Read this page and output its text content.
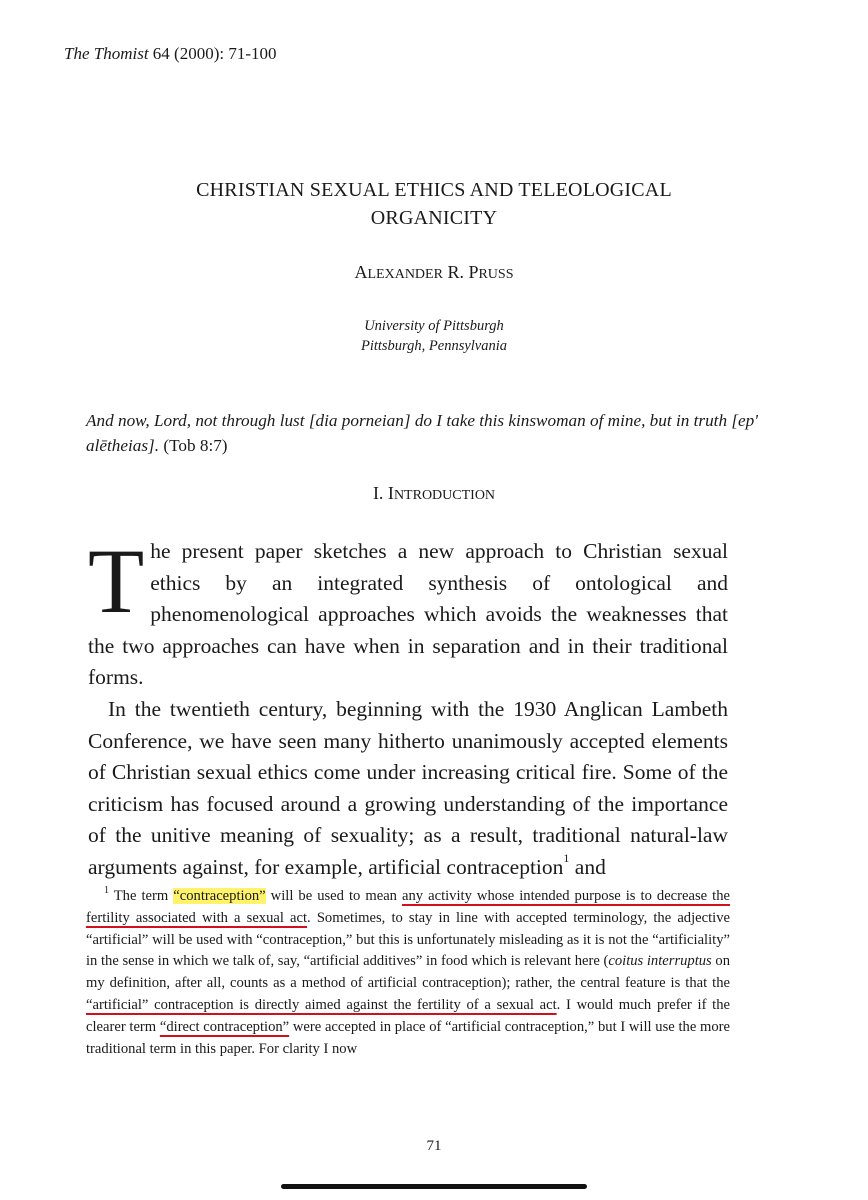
The Thomist 64 (2000): 71-100
CHRISTIAN SEXUAL ETHICS AND TELEOLOGICAL
ORGANICITY
ALEXANDER R. PRUSS
University of Pittsburgh
Pittsburgh, Pennsylvania
And now, Lord, not through lust [dia porneian] do I take this kinswoman of mine, but in truth [ep' alētheias]. (Tob 8:7)
I. INTRODUCTION

The present paper sketches a new approach to Christian sexual ethics by an integrated synthesis of ontological and phenomenological approaches which avoids the weaknesses that the two approaches can have when in separation and in their traditional forms.

In the twentieth century, beginning with the 1930 Anglican Lambeth Conference, we have seen many hitherto unanimously accepted elements of Christian sexual ethics come under increasing critical fire. Some of the criticism has focused around a growing understanding of the importance of the unitive meaning of sexuality; as a result, traditional natural-law arguments against, for example, artificial contraception$^1$ and

$^1$ The term “contraception” will be used to mean any activity whose intended purpose is to decrease the fertility associated with a sexual act. Sometimes, to stay in line with accepted terminology, the adjective “artificial” will be used with “contraception,” but this is unfortunately misleading as it is not the “artificiality” in the sense in which we talk of, say, “artificial additives” in food which is relevant here (coitus interruptus on my definition, after all, counts as a method of artificial contraception); rather, the central feature is that the “artificial” contraception is directly aimed against the fertility of a sexual act. I would much prefer if the clearer term “direct contraception” were accepted in place of “artificial contraception,” but I will use the more traditional term in this paper. For clarity I now
71
